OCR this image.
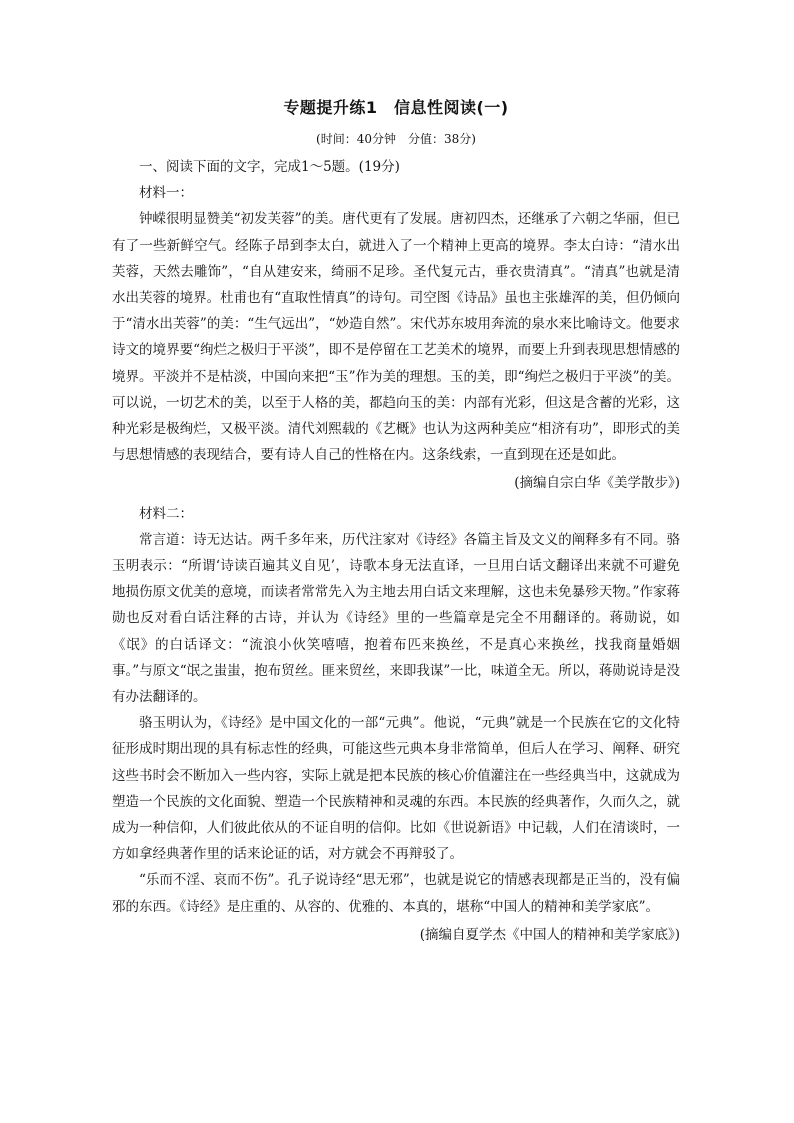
专题提升练1　信息性阅读(一)

(时间：40分钟　分值：38分)

一、阅读下面的文字，完成1～5题。(19分)

材料一：

钟嵘很明显赞美“初发芙蓉”的美。唐代更有了发展。唐初四杰，还继承了六朝之华丽，但已有了一些新鲜空气。经陈子昂到李太白，就进入了一个精神上更高的境界。李太白诗：“清水出芙蓉，天然去雕饰”，“自从建安来，绮丽不足珍。圣代复元古，垂衣贵清真”。“清真”也就是清水出芙蓉的境界。杜甫也有“直取性情真”的诗句。司空图《诗品》虽也主张雄浑的美，但仍倾向于“清水出芙蓉”的美：“生气远出”，“妙造自然”。宋代苏东坡用奔流的泉水来比喻诗文。他要求诗文的境界要“绚烂之极归于平淡”，即不是停留在工艺美术的境界，而要上升到表现思想情感的境界。平淡并不是枯淡，中国向来把“玉”作为美的理想。玉的美，即“绚烂之极归于平淡”的美。可以说，一切艺术的美，以至于人格的美，都趋向玉的美：内部有光彩，但这是含蓄的光彩，这种光彩是极绚烂，又极平淡。清代刘熙载的《艺概》也认为这两种美应“相济有功”，即形式的美与思想情感的表现结合，要有诗人自己的性格在内。这条线索，一直到现在还是如此。

(摘编自宗白华《美学散步》)

材料二：

常言道：诗无达诂。两千多年来，历代注家对《诗经》各篇主旨及文义的阐释多有不同。骆玉明表示：“所谓‘诗读百遍其义自见’，诗歌本身无法直译，一旦用白话文翻译出来就不可避免地损伤原文优美的意境，而读者常常先入为主地去用白话文来理解，这也未免暴殄天物。”作家蒋勋也反对看白话注释的古诗，并认为《诗经》里的一些篇章是完全不用翻译的。蒋勋说，如《氓》的白话译文：“流浪小伙笑嘻嘻，抱着布匹来换丝，不是真心来换丝，找我商量婚姻事。”与原文“氓之蚩蚩，抱布贸丝。匪来贸丝，来即我谋”一比，味道全无。所以，蒋勋说诗是没有办法翻译的。

骆玉明认为，《诗经》是中国文化的一部“元典”。他说，“元典”就是一个民族在它的文化特征形成时期出现的具有标志性的经典，可能这些元典本身非常简单，但后人在学习、阐释、研究这些书时会不断加入一些内容，实际上就是把本民族的核心价值灌注在一些经典当中，这就成为塑造一个民族的文化面貌、塑造一个民族精神和灵魂的东西。本民族的经典著作，久而久之，就成为一种信仰，人们彼此依从的不证自明的信仰。比如《世说新语》中记载，人们在清谈时，一方如拿经典著作里的话来论证的话，对方就会不再辩驳了。

“乐而不淫、哀而不伤”。孔子说诗经“思无邪”，也就是说它的情感表现都是正当的，没有偏邪的东西。《诗经》是庄重的、从容的、优雅的、本真的，堪称“中国人的精神和美学家底”。

(摘编自夏学杰《中国人的精神和美学家底》)
